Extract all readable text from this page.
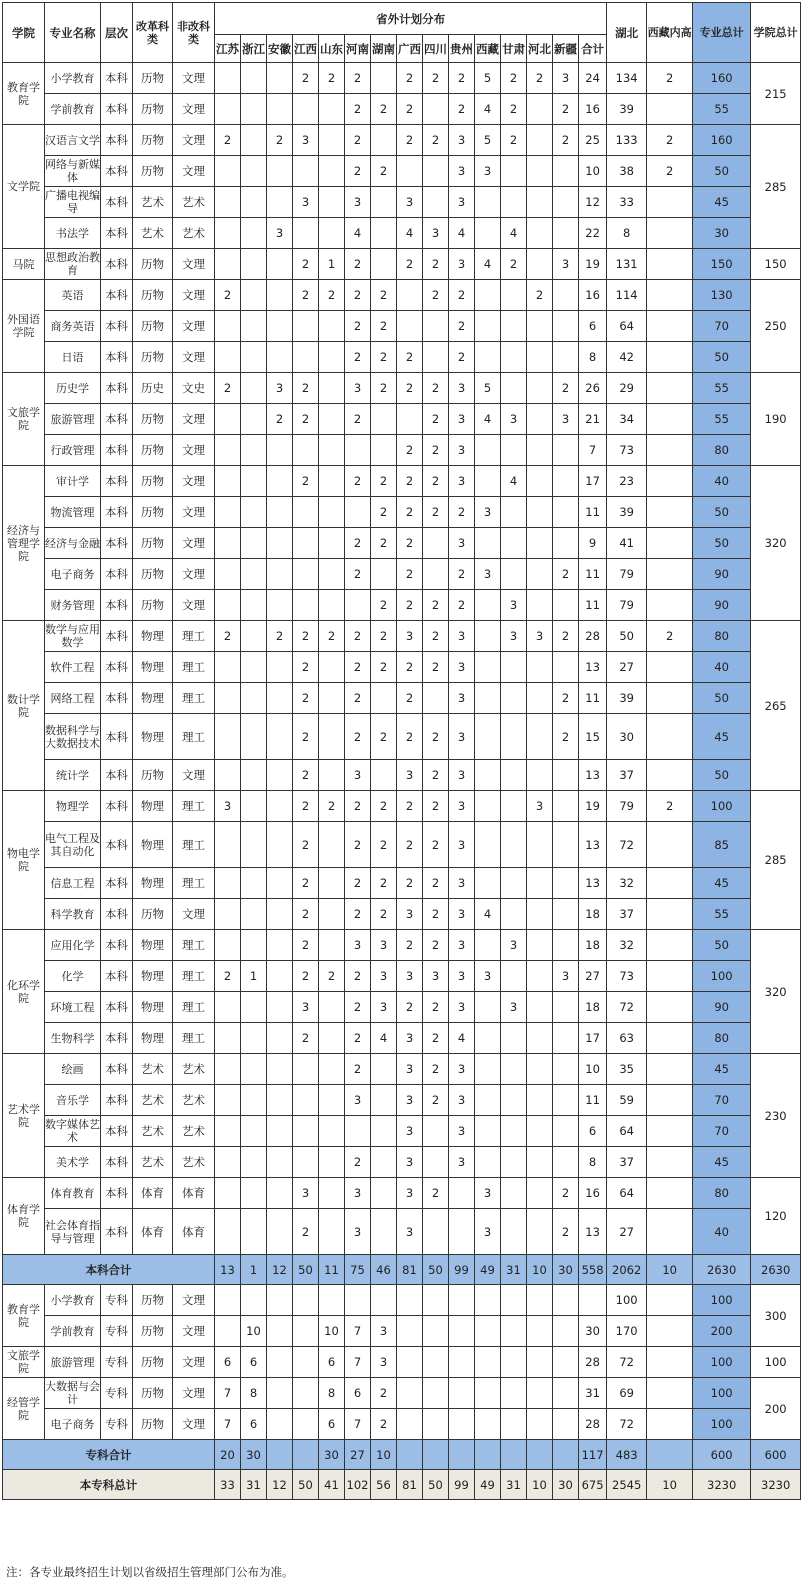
学院	专业名称	层次	改革科类	非改科类	省外计划分布															湖北	西藏内高	专业总计	学院总计
					江苏	浙江	安徽	江西	山东	河南	湖南	广西	四川	贵州	西藏	甘肃	河北	新疆	合计				
教育学院	小学教育	本科	历物	文理				2	2	2		2	2	2	5	2	2	3	24	134	2	160	215
	学前教育	本科	历物	文理						2	2	2		2	4	2		2	16	39		55	
文学院	汉语言文学	本科	历物	文理	2		2	3		2		2	2	3	5	2		2	25	133	2	160	285
	网络与新媒体	本科	历物	文理						2	2			3	3				10	38	2	50	
	广播电视编导	本科	艺术	艺术				3		3		3		3					12	33		45	
	书法学	本科	艺术	艺术			3			4		4	3	4		4			22	8		30	
马院	思想政治教育	本科	历物	文理				2	1	2		2	2	3	4	2		3	19	131		150	150
外国语学院	英语	本科	历物	文理	2			2	2	2	2		2	2			2		16	114		130	250
	商务英语	本科	历物	文理						2	2			2					6	64		70	
	日语	本科	历物	文理						2	2	2		2					8	42		50	
文旅学院	历史学	本科	历史	文史	2		3	2		3	2	2	2	3	5			2	26	29		55	190
	旅游管理	本科	历物	文理			2	2		2			2	3	4	3		3	21	34		55	
	行政管理	本科	历物	文理								2	2	3					7	73		80	
经济与管理学院	审计学	本科	历物	文理				2		2	2	2	2	3		4			17	23		40	320
	物流管理	本科	历物	文理							2	2	2	2	3				11	39		50	
	经济与金融	本科	历物	文理						2	2	2		3					9	41		50	
	电子商务	本科	历物	文理						2		2		2	3			2	11	79		90	
	财务管理	本科	历物	文理							2	2	2	2		3			11	79		90	
数计学院	数学与应用数学	本科	物理	理工	2		2	2	2	2	2	3	2	3		3	3	2	28	50	2	80	265
	软件工程	本科	物理	理工				2		2	2	2	2	3					13	27		40	
	网络工程	本科	物理	理工				2		2		2		3				2	11	39		50	
	数据科学与大数据技术	本科	物理	理工				2		2	2	2	2	3				2	15	30		45	
	统计学	本科	历物	文理				2		3		3	2	3					13	37		50	
物电学院	物理学	本科	物理	理工	3			2	2	2	2	2	2	3			3		19	79	2	100	285
	电气工程及其自动化	本科	物理	理工				2		2	2	2	2	3					13	72		85	
	信息工程	本科	物理	理工				2		2	2	2	2	3					13	32		45	
	科学教育	本科	历物	文理				2		2	2	3	2	3	4				18	37		55	
化环学院	应用化学	本科	物理	理工				2		3	3	2	2	3		3			18	32		50	320
	化学	本科	物理	理工	2	1		2	2	2	3	3	3	3	3			3	27	73		100	
	环境工程	本科	物理	理工				3		2	3	2	2	3		3			18	72		90	
	生物科学	本科	物理	理工				2		2	4	3	2	4					17	63		80	
艺术学院	绘画	本科	艺术	艺术						2		3	2	3					10	35		45	230
	音乐学	本科	艺术	艺术						3		3	2	3					11	59		70	
	数字媒体艺术	本科	艺术	艺术								3		3					6	64		70	
	美术学	本科	艺术	艺术						2		3		3					8	37		45	
体育学院	体育教育	本科	体育	体育				3		3		3	2		3			2	16	64		80	120
	社会体育指导与管理	本科	体育	体育				2		3		3			3			2	13	27		40	
本科合计					13	1	12	50	11	75	46	81	50	99	49	31	10	30	558	2062	10	2630	2630
教育学院	小学教育	专科	历物	文理																100		100	300
	学前教育	专科	历物	文理		10			10	7	3								30	170		200	
文旅学院	旅游管理	专科	历物	文理	6	6			6	7	3								28	72		100	100
经管学院	大数据与会计	专科	历物	文理	7	8			8	6	2								31	69		100	200
	电子商务	专科	历物	文理	7	6			6	7	2								28	72		100	
专科合计					20	30			30	27	10								117	483		600	600
本专科总计					33	31	12	50	41	102	56	81	50	99	49	31	10	30	675	2545	10	3230	3230
注：各专业最终招生计划以省级招生管理部门公布为准。
